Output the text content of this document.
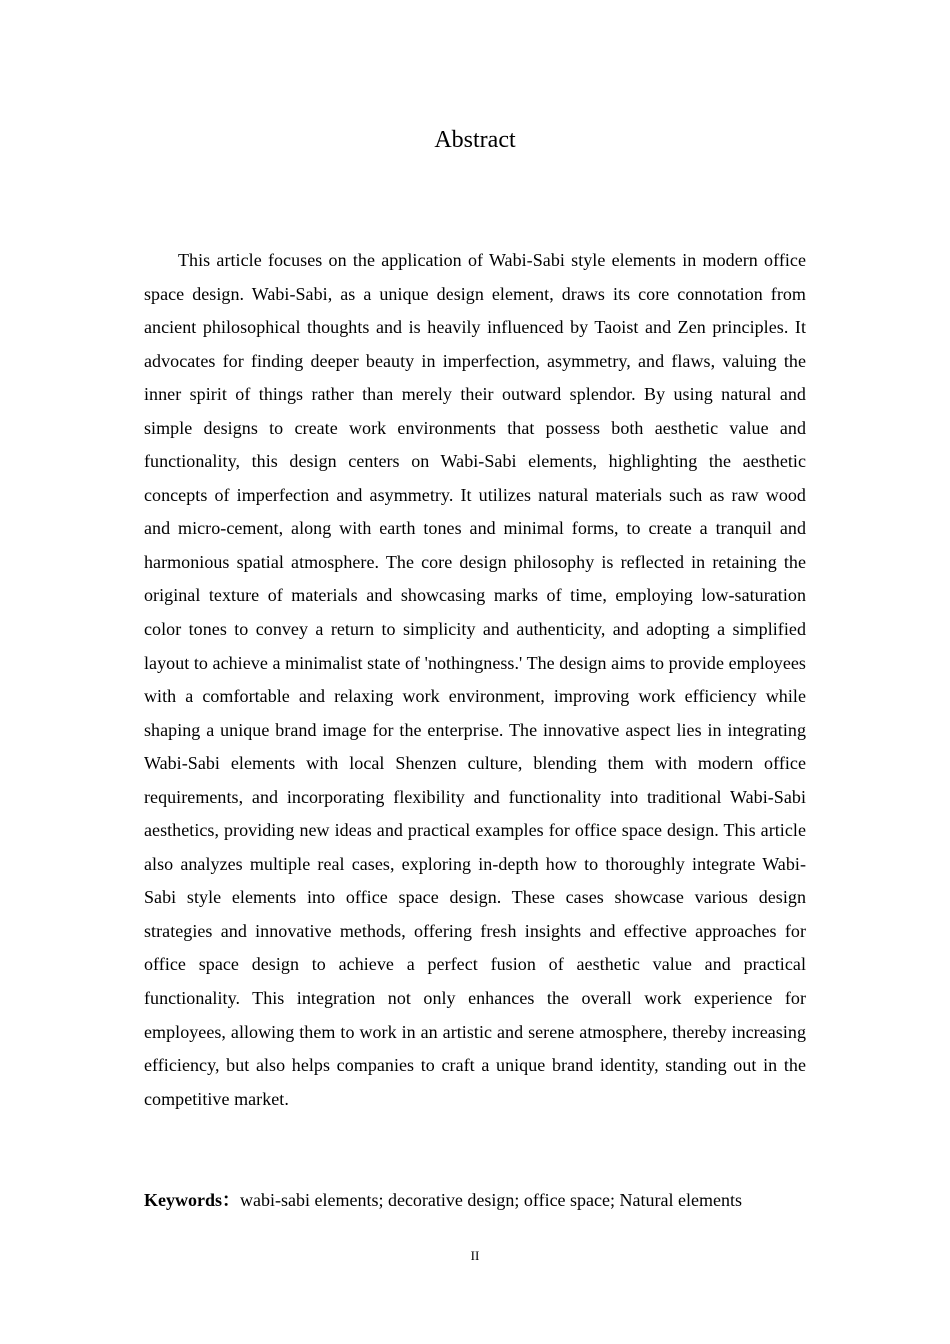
Abstract

This article focuses on the application of Wabi-Sabi style elements in modern office space design. Wabi-Sabi, as a unique design element, draws its core connotation from ancient philosophical thoughts and is heavily influenced by Taoist and Zen principles. It advocates for finding deeper beauty in imperfection, asymmetry, and flaws, valuing the inner spirit of things rather than merely their outward splendor. By using natural and simple designs to create work environments that possess both aesthetic value and functionality, this design centers on Wabi-Sabi elements, highlighting the aesthetic concepts of imperfection and asymmetry. It utilizes natural materials such as raw wood and micro-cement, along with earth tones and minimal forms, to create a tranquil and harmonious spatial atmosphere. The core design philosophy is reflected in retaining the original texture of materials and showcasing marks of time, employing low-saturation color tones to convey a return to simplicity and authenticity, and adopting a simplified layout to achieve a minimalist state of 'nothingness.' The design aims to provide employees with a comfortable and relaxing work environment, improving work efficiency while shaping a unique brand image for the enterprise. The innovative aspect lies in integrating Wabi-Sabi elements with local Shenzen culture, blending them with modern office requirements, and incorporating flexibility and functionality into traditional Wabi-Sabi aesthetics, providing new ideas and practical examples for office space design. This article also analyzes multiple real cases, exploring in-depth how to thoroughly integrate Wabi-Sabi style elements into office space design. These cases showcase various design strategies and innovative methods, offering fresh insights and effective approaches for office space design to achieve a perfect fusion of aesthetic value and practical functionality. This integration not only enhances the overall work experience for employees, allowing them to work in an artistic and serene atmosphere, thereby increasing efficiency, but also helps companies to craft a unique brand identity, standing out in the competitive market.

Keywords：wabi-sabi elements; decorative design; office space; Natural elements

II
